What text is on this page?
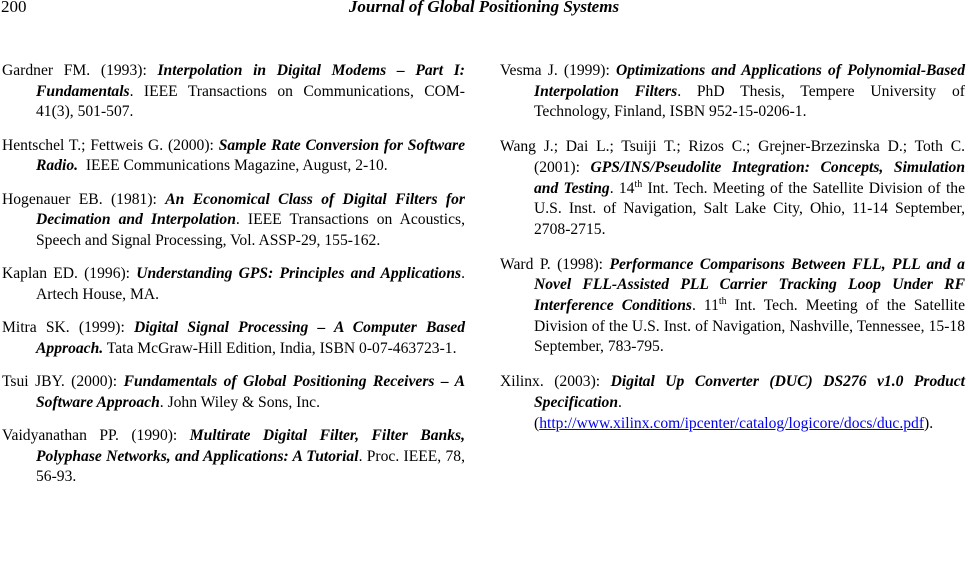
200	Journal of Global Positioning Systems

Gardner FM. (1993): Interpolation in Digital Modems – Part I: Fundamentals. IEEE Transactions on Communications, COM-41(3), 501-507.

Hentschel T.; Fettweis G. (2000): Sample Rate Conversion for Software Radio.  IEEE Communications Magazine, August, 2-10.

Hogenauer EB. (1981): An Economical Class of Digital Filters for Decimation and Interpolation. IEEE Transactions on Acoustics, Speech and Signal Processing, Vol. ASSP-29, 155-162.

Kaplan ED. (1996): Understanding GPS: Principles and Applications. Artech House, MA.

Mitra SK. (1999): Digital Signal Processing – A Computer Based Approach. Tata McGraw-Hill Edition, India, ISBN 0-07-463723-1.

Tsui JBY. (2000): Fundamentals of Global Positioning Receivers – A Software Approach. John Wiley & Sons, Inc.

Vaidyanathan PP. (1990): Multirate Digital Filter, Filter Banks, Polyphase Networks, and Applications: A Tutorial. Proc. IEEE, 78, 56-93.

Vesma J. (1999): Optimizations and Applications of Polynomial-Based Interpolation Filters. PhD Thesis, Tempere University of Technology, Finland, ISBN 952-15-0206-1.

Wang J.; Dai L.; Tsuiji T.; Rizos C.; Grejner-Brzezinska D.; Toth C. (2001): GPS/INS/Pseudolite Integration: Concepts, Simulation and Testing. 14th Int. Tech. Meeting of the Satellite Division of the U.S. Inst. of Navigation, Salt Lake City, Ohio, 11-14 September, 2708-2715.

Ward P. (1998): Performance Comparisons Between FLL, PLL and a Novel FLL-Assisted PLL Carrier Tracking Loop Under RF Interference Conditions. 11th Int. Tech. Meeting of the Satellite Division of the U.S. Inst. of Navigation, Nashville, Tennessee, 15-18 September, 783-795.

Xilinx. (2003): Digital Up Converter (DUC) DS276 v1.0 Product Specification. (http://www.xilinx.com/ipcenter/catalog/logicore/docs/duc.pdf).
